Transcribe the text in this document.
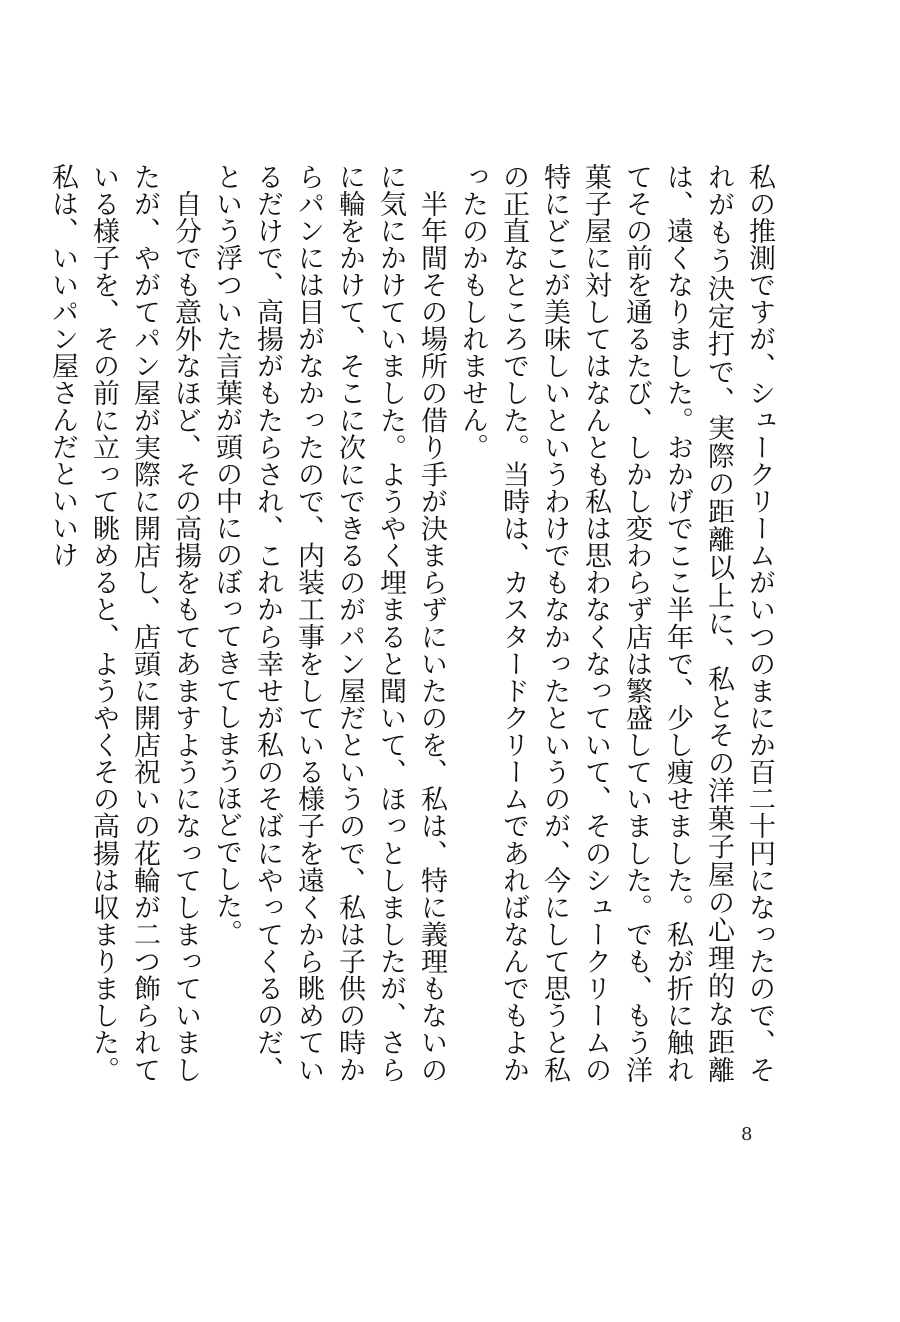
私の推測ですが、シュークリームがいつのまにか百二十円になったので、それがもう決定打で、実際の距離以上に、私とその洋菓子屋の心理的な距離は、遠くなりました。おかげでここ半年で、少し痩せました。私が折に触れてその前を通るたび、しかし変わらず店は繁盛していました。でも、もう洋菓子屋に対してはなんとも私は思わなくなっていて、そのシュークリームの特にどこが美味しいというわけでもなかったというのが、今にして思うと私の正直なところでした。当時は、カスタードクリームであればなんでもよかったのかもしれません。

半年間その場所の借り手が決まらずにいたのを、私は、特に義理もないのに気にかけていました。ようやく埋まると聞いて、ほっとしましたが、さらに輪をかけて、そこに次にできるのがパン屋だというので、私は子供の時からパンには目がなかったので、内装工事をしている様子を遠くから眺めているだけで、高揚がもたらされ、これから幸せが私のそばにやってくるのだ、という浮ついた言葉が頭の中にのぼってきてしまうほどでした。

自分でも意外なほど、その高揚をもてあますようになってしまっていましたが、やがてパン屋が実際に開店し、店頭に開店祝いの花輪が二つ飾られている様子を、その前に立って眺めると、ようやくその高揚は収まりました。私は、いいパン屋さんだといいけ

8
